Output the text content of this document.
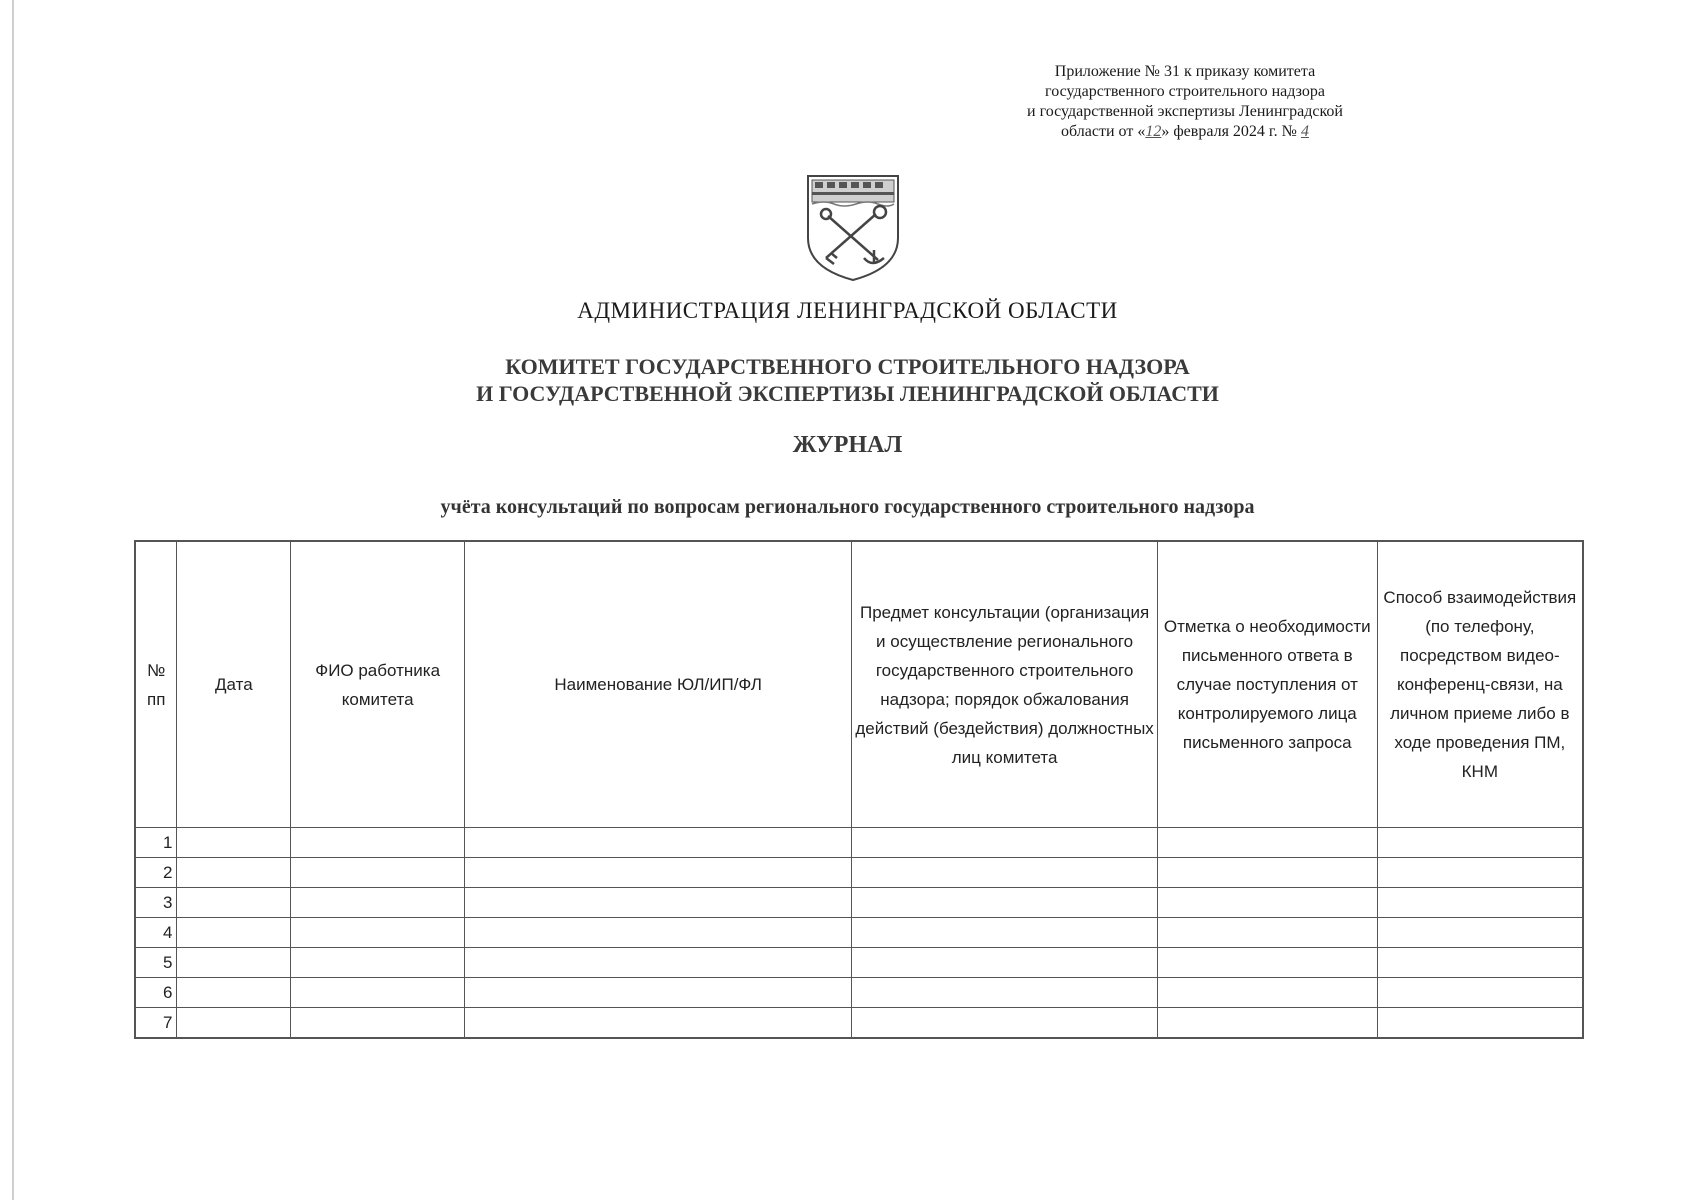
Приложение № 31 к приказу комитета
государственного строительного надзора
и государственной экспертизы Ленинградской
области от «12» февраля 2024 г. № 4
АДМИНИСТРАЦИЯ ЛЕНИНГРАДСКОЙ ОБЛАСТИ
КОМИТЕТ ГОСУДАРСТВЕННОГО СТРОИТЕЛЬНОГО НАДЗОРА
И ГОСУДАРСТВЕННОЙ ЭКСПЕРТИЗЫ ЛЕНИНГРАДСКОЙ ОБЛАСТИ
ЖУРНАЛ
учёта консультаций по вопросам регионального государственного строительного надзора
№ пп	Дата	ФИО работника комитета	Наименование ЮЛ/ИП/ФЛ	Предмет консультации (организация и осуществление регионального государственного строительного надзора; порядок обжалования действий (бездействия) должностных лиц комитета	Отметка о необходимости письменного ответа в случае поступления от контролируемого лица письменного запроса	Способ взаимодействия (по телефону, посредством видео-конференц-связи, на личном приеме либо в ходе проведения ПМ, КНМ
1						
2						
3						
4						
5						
6						
7						
